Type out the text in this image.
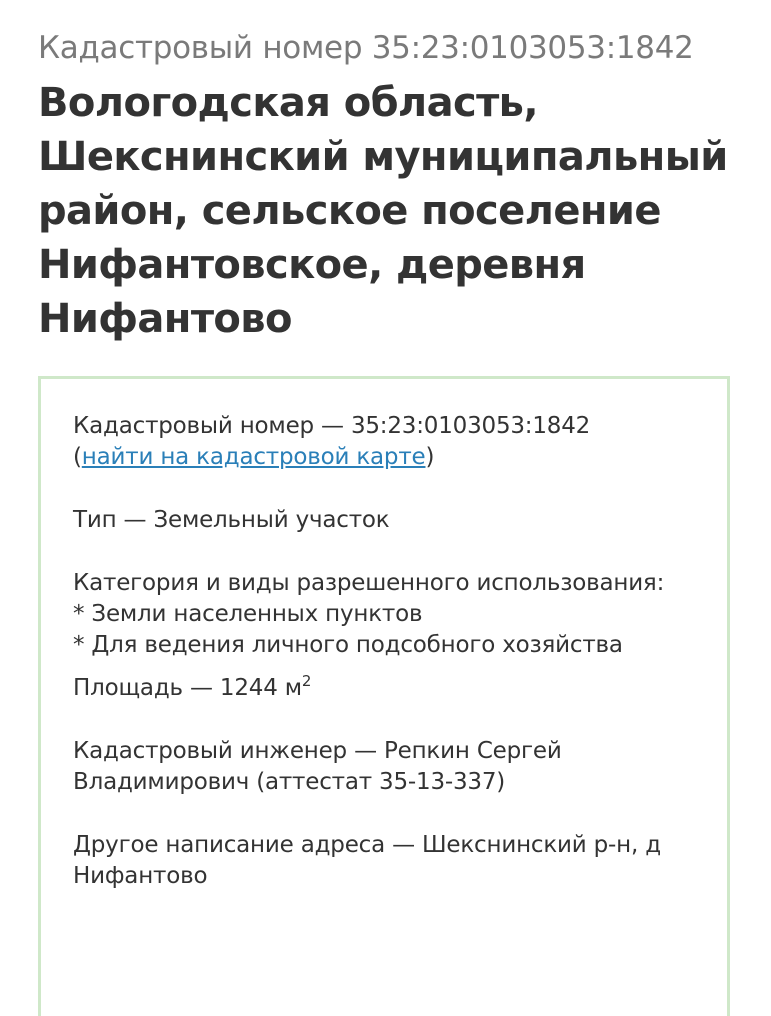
Кадастровый номер 35:23:0103053:1842
Вологодская область, Шекснинский муниципальный район, сельское поселение Нифантовское, деревня Нифантово

Кадастровый номер — 35:23:0103053:1842
(найти на кадастровой карте)

Тип — Земельный участок

Категория и виды разрешенного использования:
* Земли населенных пунктов
* Для ведения личного подсобного хозяйства

Площадь — 1244 $м^2$

Кадастровый инженер — Репкин Сергей Владимирович (аттестат 35-13-337)

Другое написание адреса — Шекснинский р-н, д Нифантово
